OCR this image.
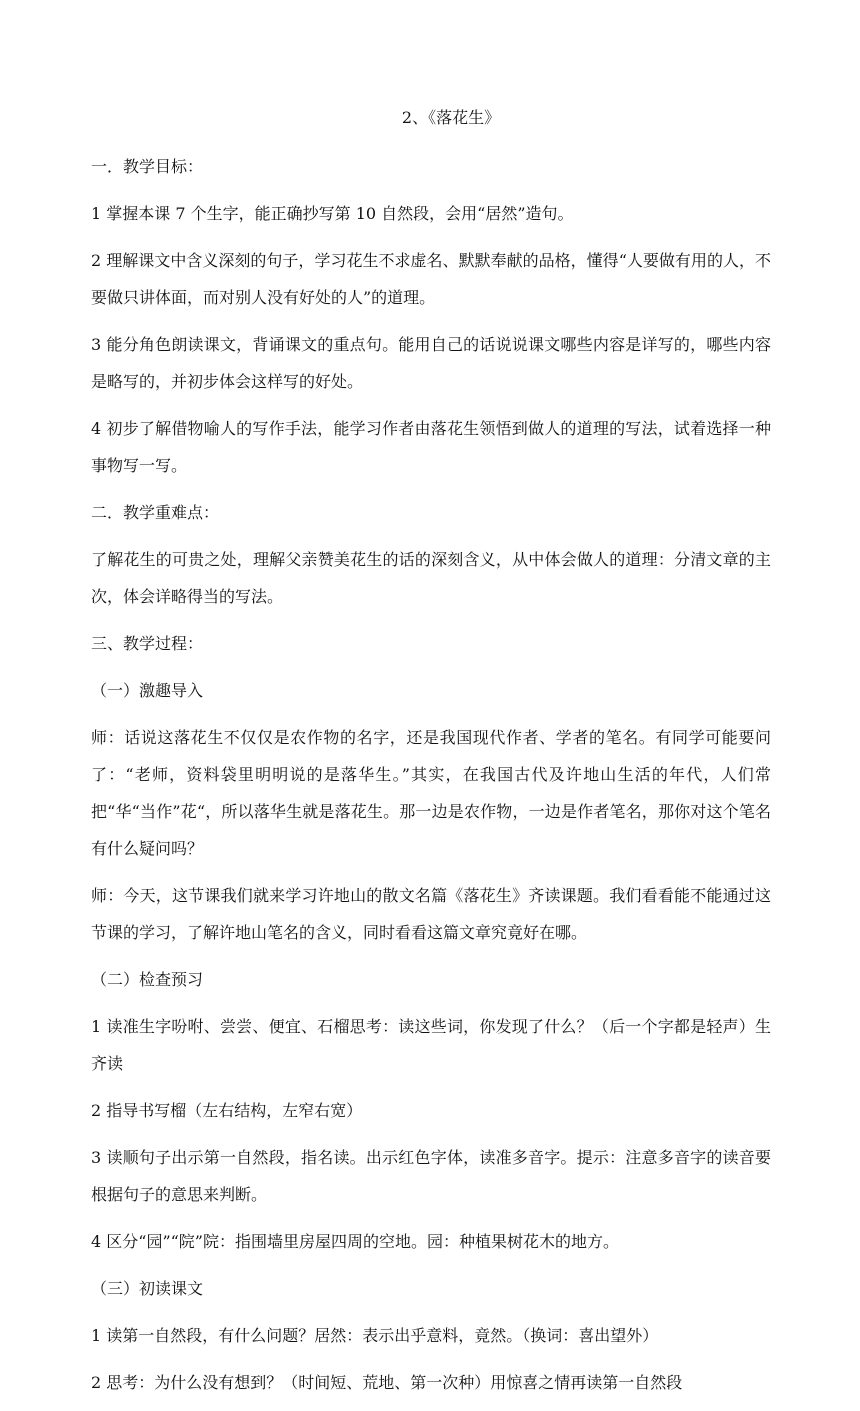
2、《落花生》

一．教学目标：

1 掌握本课 7 个生字，能正确抄写第 10 自然段，会用“居然”造句。

2 理解课文中含义深刻的句子，学习花生不求虚名、默默奉献的品格，懂得“人要做有用的人，不要做只讲体面，而对别人没有好处的人”的道理。

3 能分角色朗读课文，背诵课文的重点句。能用自己的话说说课文哪些内容是详写的，哪些内容是略写的，并初步体会这样写的好处。

4 初步了解借物喻人的写作手法，能学习作者由落花生领悟到做人的道理的写法，试着选择一种事物写一写。

二．教学重难点：

了解花生的可贵之处，理解父亲赞美花生的话的深刻含义，从中体会做人的道理：分清文章的主次，体会详略得当的写法。

三、教学过程：

（一）激趣导入

师：话说这落花生不仅仅是农作物的名字，还是我国现代作者、学者的笔名。有同学可能要问了：“老师，资料袋里明明说的是落华生。”其实，在我国古代及许地山生活的年代，人们常把“华“当作”花“，所以落华生就是落花生。那一边是农作物，一边是作者笔名，那你对这个笔名有什么疑问吗？

师：今天，这节课我们就来学习许地山的散文名篇《落花生》齐读课题。我们看看能不能通过这节课的学习，了解许地山笔名的含义，同时看看这篇文章究竟好在哪。

（二）检查预习

1 读准生字吩咐、尝尝、便宜、石榴思考：读这些词，你发现了什么？（后一个字都是轻声）生齐读

2 指导书写榴（左右结构，左窄右宽）

3 读顺句子出示第一自然段，指名读。出示红色字体，读准多音字。提示：注意多音字的读音要根据句子的意思来判断。

4 区分“园”“院”院：指围墙里房屋四周的空地。园：种植果树花木的地方。

（三）初读课文

1 读第一自然段，有什么问题？居然：表示出乎意料，竟然。（换词：喜出望外）

2 思考：为什么没有想到？（时间短、荒地、第一次种）用惊喜之情再读第一自然段
